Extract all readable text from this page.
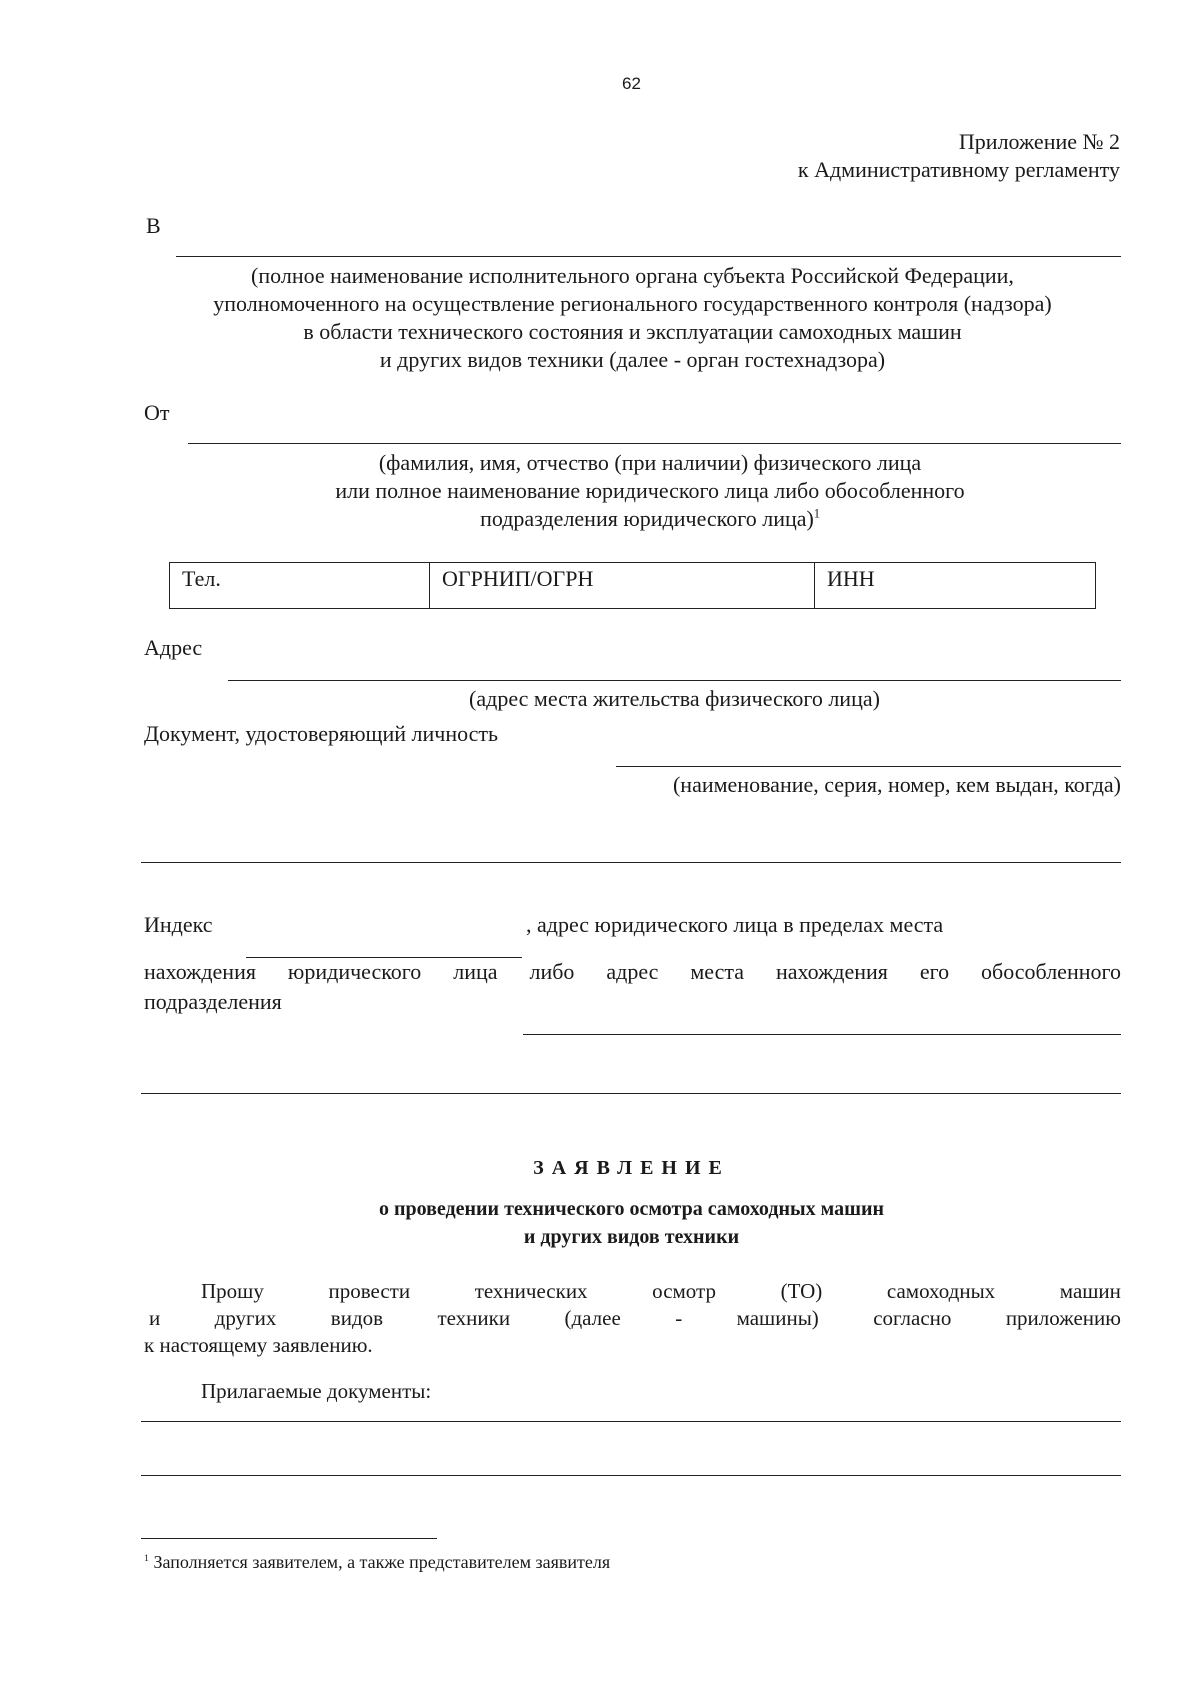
62
Приложение № 2
к Административному регламенту
В
(полное наименование исполнительного органа субъекта Российской Федерации,
уполномоченного на осуществление регионального государственного контроля (надзора)
в области технического состояния и эксплуатации самоходных машин
и других видов техники (далее - орган гостехнадзора)
От
(фамилия, имя, отчество (при наличии) физического лица
или полное наименование юридического лица либо обособленного
подразделения юридического лица)$^1$
Тел.	ОГРНИП/ОГРН	ИНН
Адрес
(адрес места жительства физического лица)
Документ, удостоверяющий личность
(наименование, серия, номер, кем выдан, когда)
Индекс	, адрес юридического лица в пределах места
нахождения юридического лица либо адрес места нахождения его обособленного
подразделения
ЗАЯВЛЕНИЕ
о проведении технического осмотра самоходных машин
и других видов техники
Прошу	провести	технических	осмотр	(ТО)	самоходных	машин
и	других	видов	техники	(далее	-	машины)	согласно	приложению
к настоящему заявлению.
Прилагаемые документы:
$^1$ Заполняется заявителем, а также представителем заявителя
